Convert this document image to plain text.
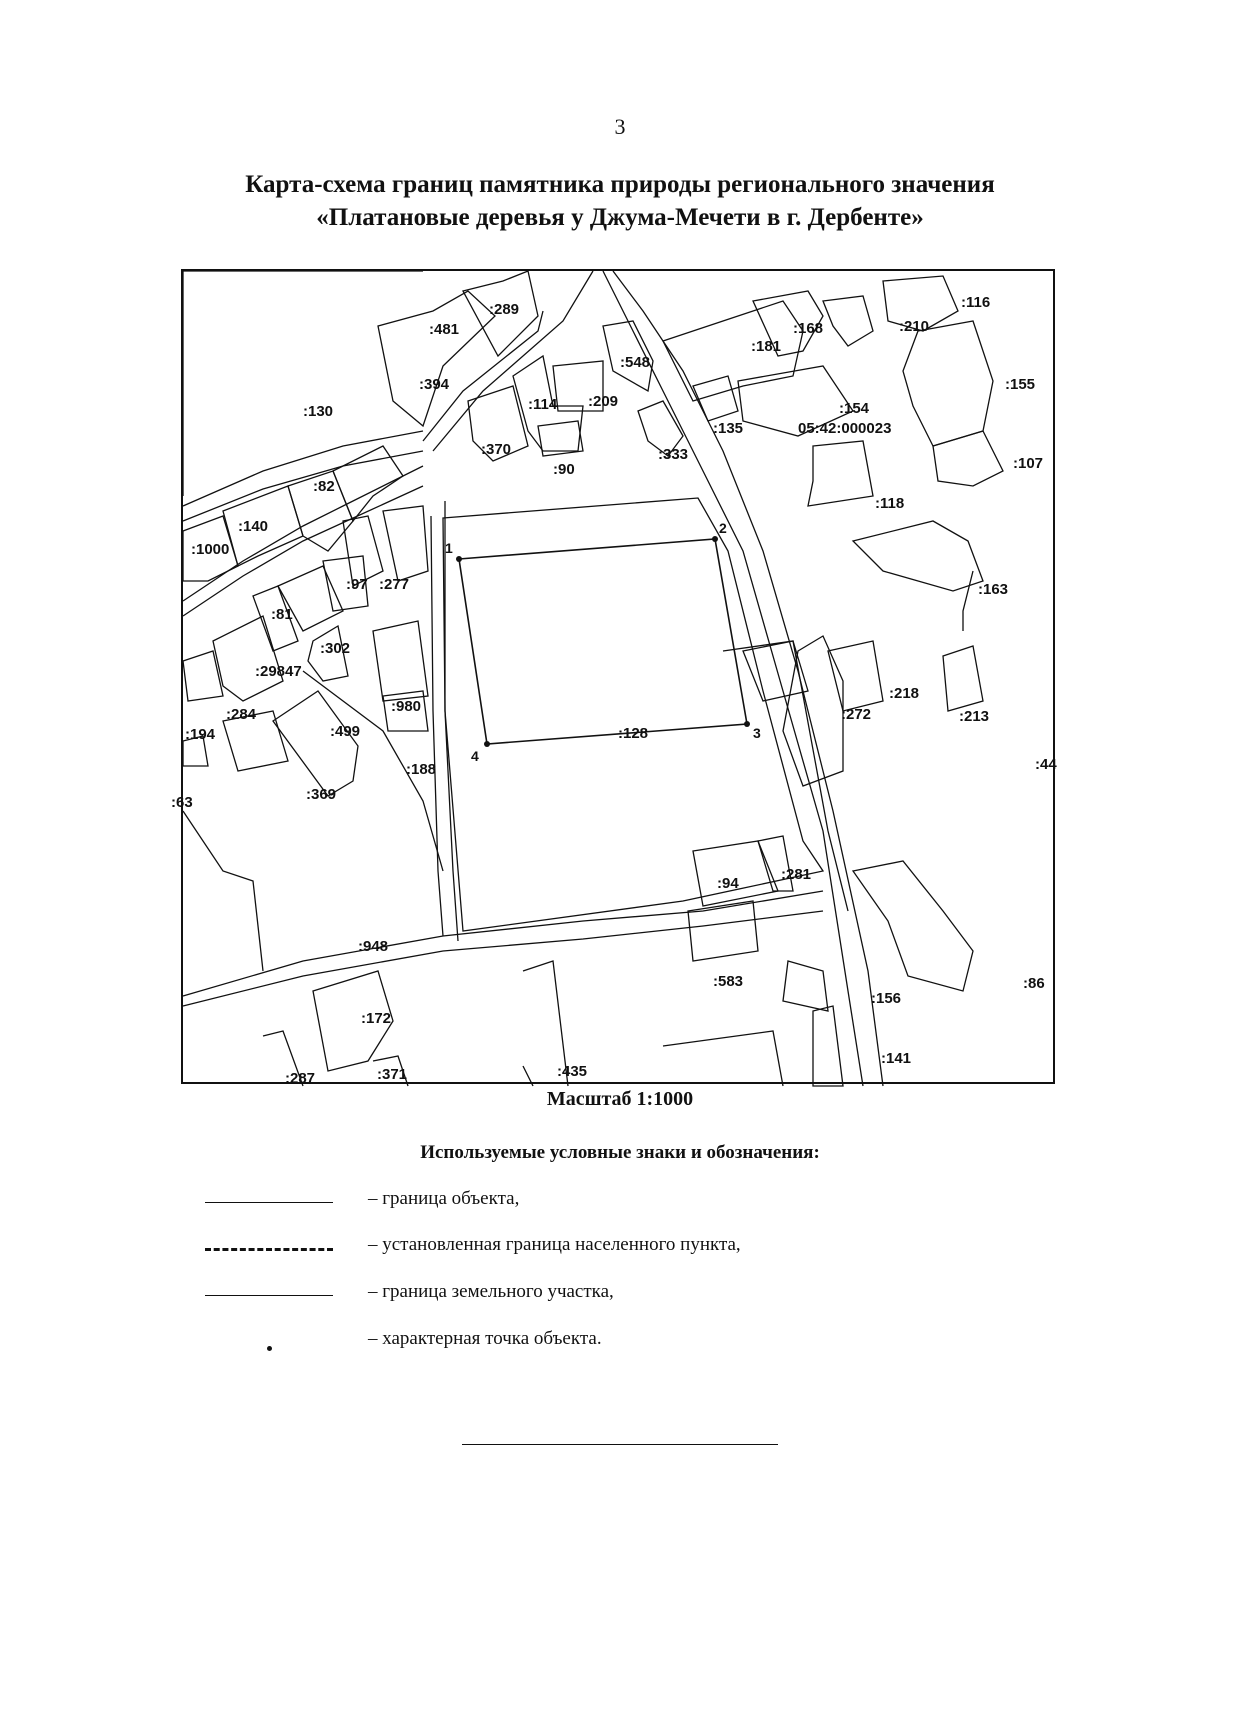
3
Карта-схема границ памятника природы регионального значения
«Платановые деревья у Джума-Мечети в г. Дербенте»
1
2
3
4
:289
:481
:394
:130
:82
:140
:1000
:114 :209
:548
:370
:90
:333
:181
:168	:210
:116
:155
:135
:154
05:42:000023
:107
:118
:163
:97 :277
:81
:302
:29847
:284
:194	:499
:980
:188
:369
:63
:128
:272
:218
:213
:44
:94
:281
:948
:583	:86
:156
:172
:141
:287	:371	:435
Масштаб 1:1000
Используемые условные знаки и обозначения:
– граница объекта,
– установленная граница населенного пункта,
– граница земельного участка,
– характерная точка объекта.
